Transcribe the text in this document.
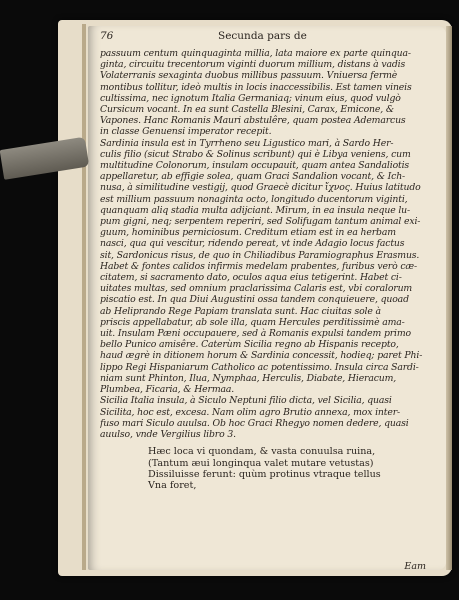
76	Secunda pars de
passuum centum quinquaginta millia, lata maiore ex parte quinqua-
ginta, circuitu trecentorum viginti duorum millium, distans à vadis
Volaterranis sexaginta duobus millibus passuum. Vniuersa fermè
montibus tollitur, ideò multis in locis inaccessibilis. Est tamen vineis
cultissima, nec ignotum Italia Germaniaq; vinum eius, quod vulgò
Cursicum vocant. In ea sunt Castella Blesini, Carax, Emicone, &
Vapones. Hanc Romanis Mauri abstulêre, quam postea Ademarcus
in classe Genuensi imperator recepit.
Sardinia insula est in Tyrrheno seu Ligustico mari, à Sardo Her-
culis filio (sicut Strabo & Solinus scribunt) qui è Libya veniens, cum
multitudine Colonorum, insulam occupauit, quam antea Sandaliotis
appellaretur, ab effigie solea, quam Graci Sandalion vocant, & Ich-
nusa, à similitudine vestigij, quod Graecè dicitur ἴχνος. Huius latitudo
est millium passuum nonaginta octo, longitudo ducentorum viginti,
quanquam aliq stadia multa adijciant. Mirum, in ea insula neque lu-
pum gigni, neq; serpentem reperiri, sed Solifugam tantum animal exi-
guum, hominibus perniciosum. Creditum etiam est in ea herbam
nasci, qua qui vescitur, ridendo pereat, vt inde Adagio locus factus
sit, Sardonicus risus, de quo in Chiliadibus Paramiographus Erasmus.
Habet & fontes calidos infirmis medelam prabentes, furibus verò cæ-
citatem, si sacramento dato, oculos aqua eius tetigerint. Habet ci-
uitates multas, sed omnium praclarissima Calaris est, vbi coralorum
piscatio est. In qua Diui Augustini ossa tandem conquieuere, quoad
ab Heliprando Rege Papiam translata sunt. Hac ciuitas sole à
priscis appellabatur, ab sole illa, quam Hercules perditissimè ama-
uit. Insulam Pæni occupauere, sed à Romanis expulsi tandem primo
bello Punico amisêre. Caterùm Sicilia regno ab Hispanis recepto,
haud ægrè in ditionem horum & Sardinia concessit, hodieq; paret Phi-
lippo Regi Hispaniarum Catholico ac potentissimo. Insula circa Sardi-
niam sunt Phinton, Ilua, Nymphaa, Herculis, Diabate, Hieracum,
Plumbea, Ficaria, & Hermaa.
Sicilia Italia insula, à Siculo Neptuni filio dicta, vel Sicilia, quasi
Sicilita, hoc est, excesa. Nam olim agro Brutio annexa, mox inter-
fuso mari Siculo auulsa. Ob hoc Graci Rhegyo nomen dedere, quasi
auulso, vnde Vergilius libro 3.
Hæc loca vi quondam, & vasta conuulsa ruina,
(Tantum æui longinqua valet mutare vetustas)
Dissiluisse ferunt: quùm protinus vtraque tellus
Vna foret,
Eam
